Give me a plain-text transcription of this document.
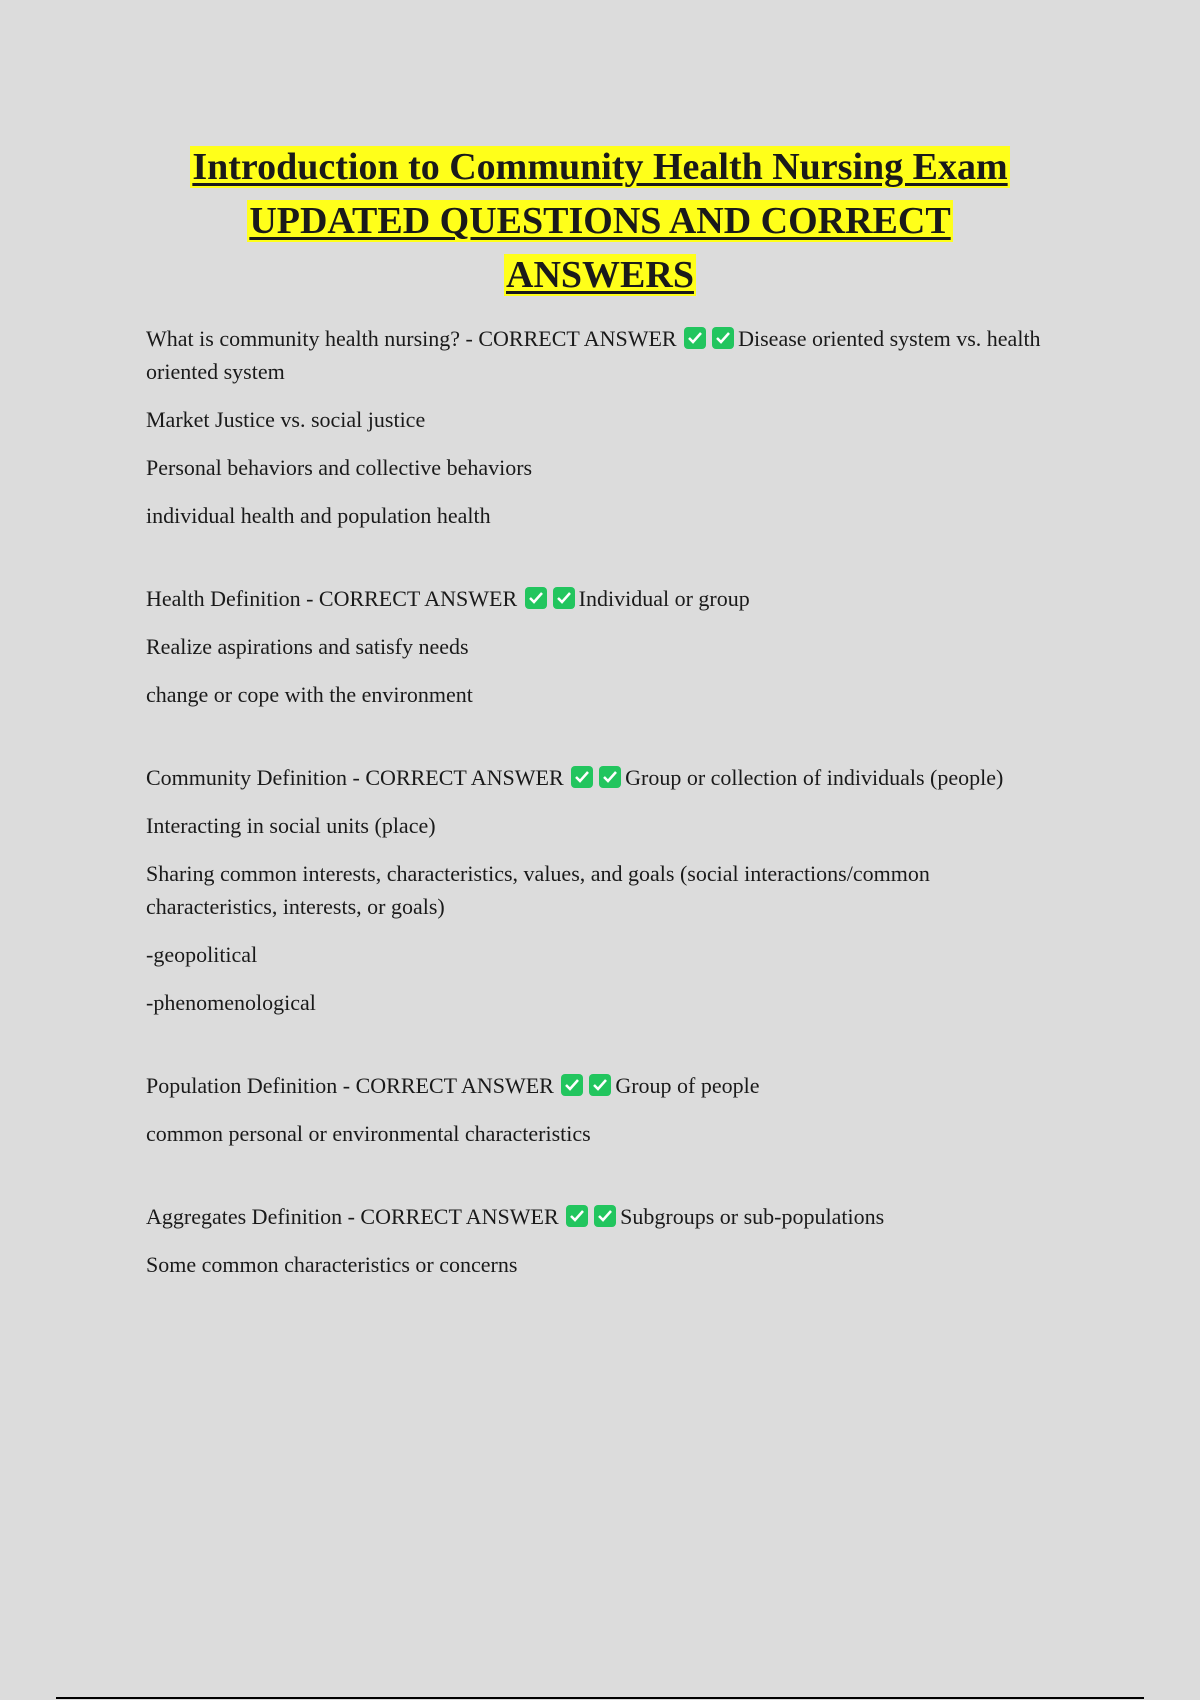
Introduction to Community Health Nursing Exam
UPDATED QUESTIONS AND CORRECT
ANSWERS

What is community health nursing? - CORRECT ANSWER	Disease oriented system vs. health oriented system

Market Justice vs. social justice

Personal behaviors and collective behaviors

individual health and population health

Health Definition - CORRECT ANSWER	Individual or group

Realize aspirations and satisfy needs

change or cope with the environment

Community Definition - CORRECT ANSWER	Group or collection of individuals (people)

Interacting in social units (place)

Sharing common interests, characteristics, values, and goals (social interactions/common characteristics, interests, or goals)

-geopolitical

-phenomenological

Population Definition - CORRECT ANSWER	Group of people

common personal or environmental characteristics

Aggregates Definition - CORRECT ANSWER	Subgroups or sub-populations

Some common characteristics or concerns
